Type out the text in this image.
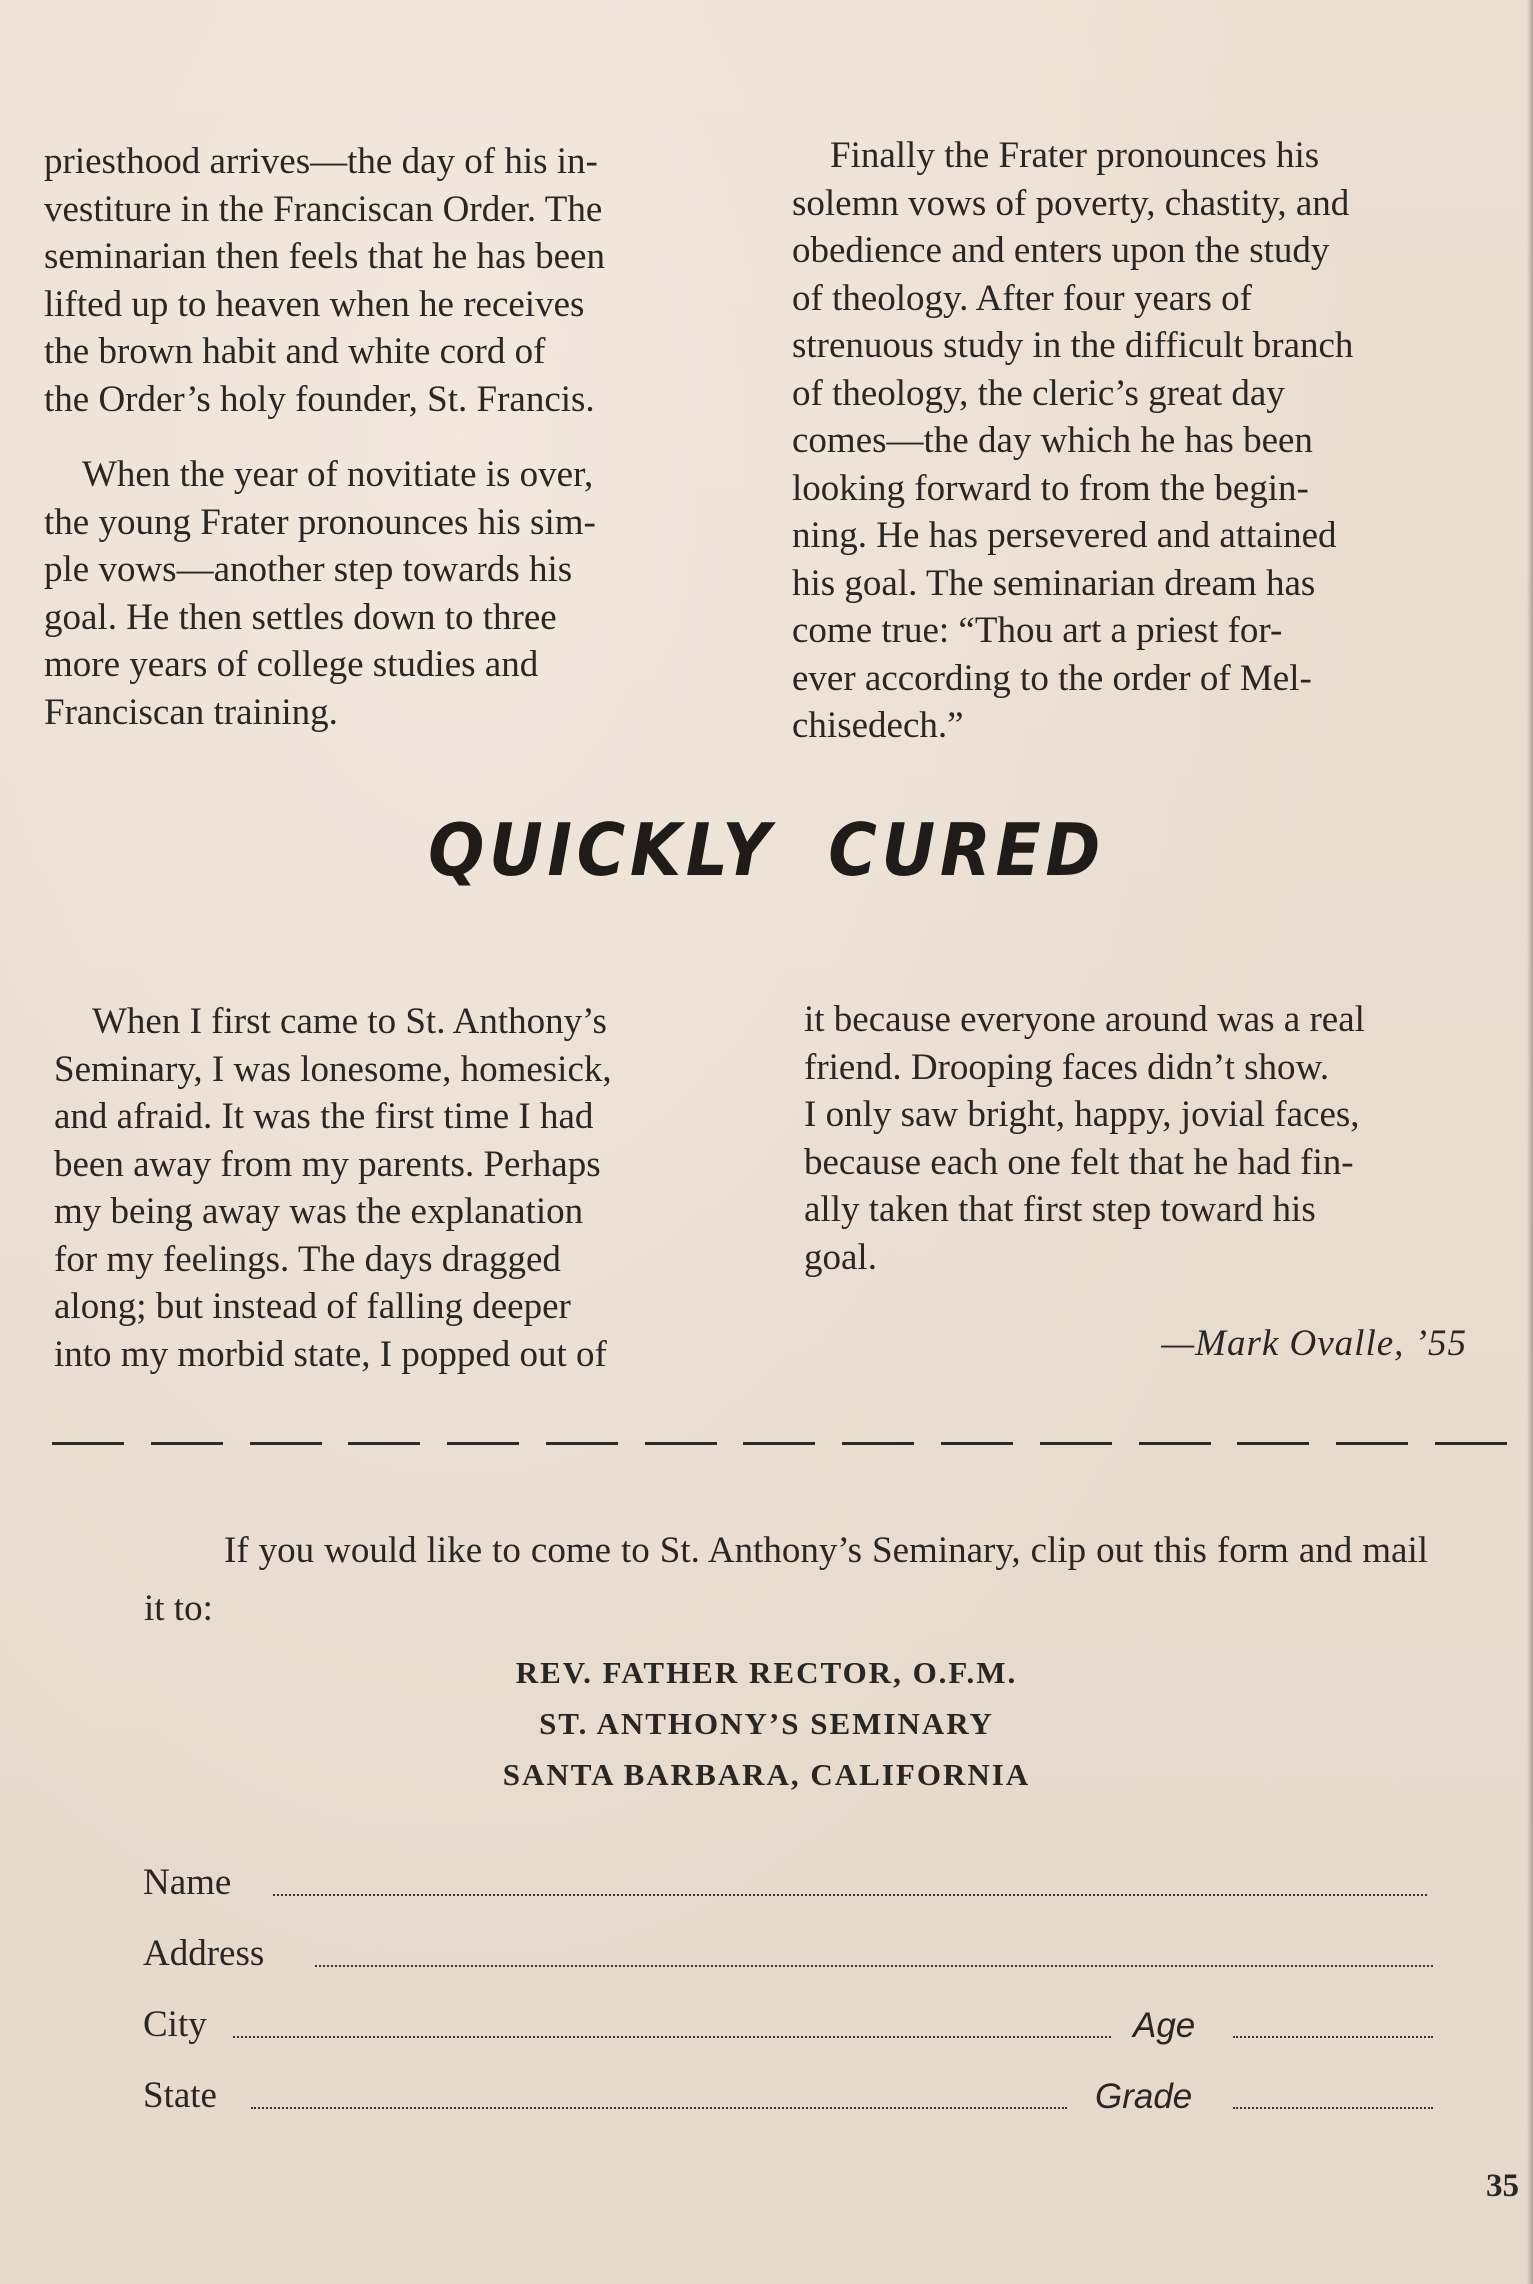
priesthood arrives—the day of his in-
vestiture in the Franciscan Order. The
seminarian then feels that he has been
lifted up to heaven when he receives
the brown habit and white cord of
the Order’s holy founder, St. Francis.

When the year of novitiate is over,
the young Frater pronounces his sim-
ple vows—another step towards his
goal. He then settles down to three
more years of college studies and
Franciscan training.

Finally the Frater pronounces his
solemn vows of poverty, chastity, and
obedience and enters upon the study
of theology. After four years of
strenuous study in the difficult branch
of theology, the cleric’s great day
comes—the day which he has been
looking forward to from the begin-
ning. He has persevered and attained
his goal. The seminarian dream has
come true: “Thou art a priest for-
ever according to the order of Mel-
chisedech.”

QUICKLY CURED

When I first came to St. Anthony’s
Seminary, I was lonesome, homesick,
and afraid. It was the first time I had
been away from my parents. Perhaps
my being away was the explanation
for my feelings. The days dragged
along; but instead of falling deeper
into my morbid state, I popped out of

it because everyone around was a real
friend. Drooping faces didn’t show.
I only saw bright, happy, jovial faces,
because each one felt that he had fin-
ally taken that first step toward his
goal.

—Mark Ovalle, ’55

If you would like to come to St. Anthony’s Seminary, clip out this form and mail it to:

REV. FATHER RECTOR, O.F.M.
ST. ANTHONY’S SEMINARY
SANTA BARBARA, CALIFORNIA
Name
Address
City	Age
State	Grade
35
